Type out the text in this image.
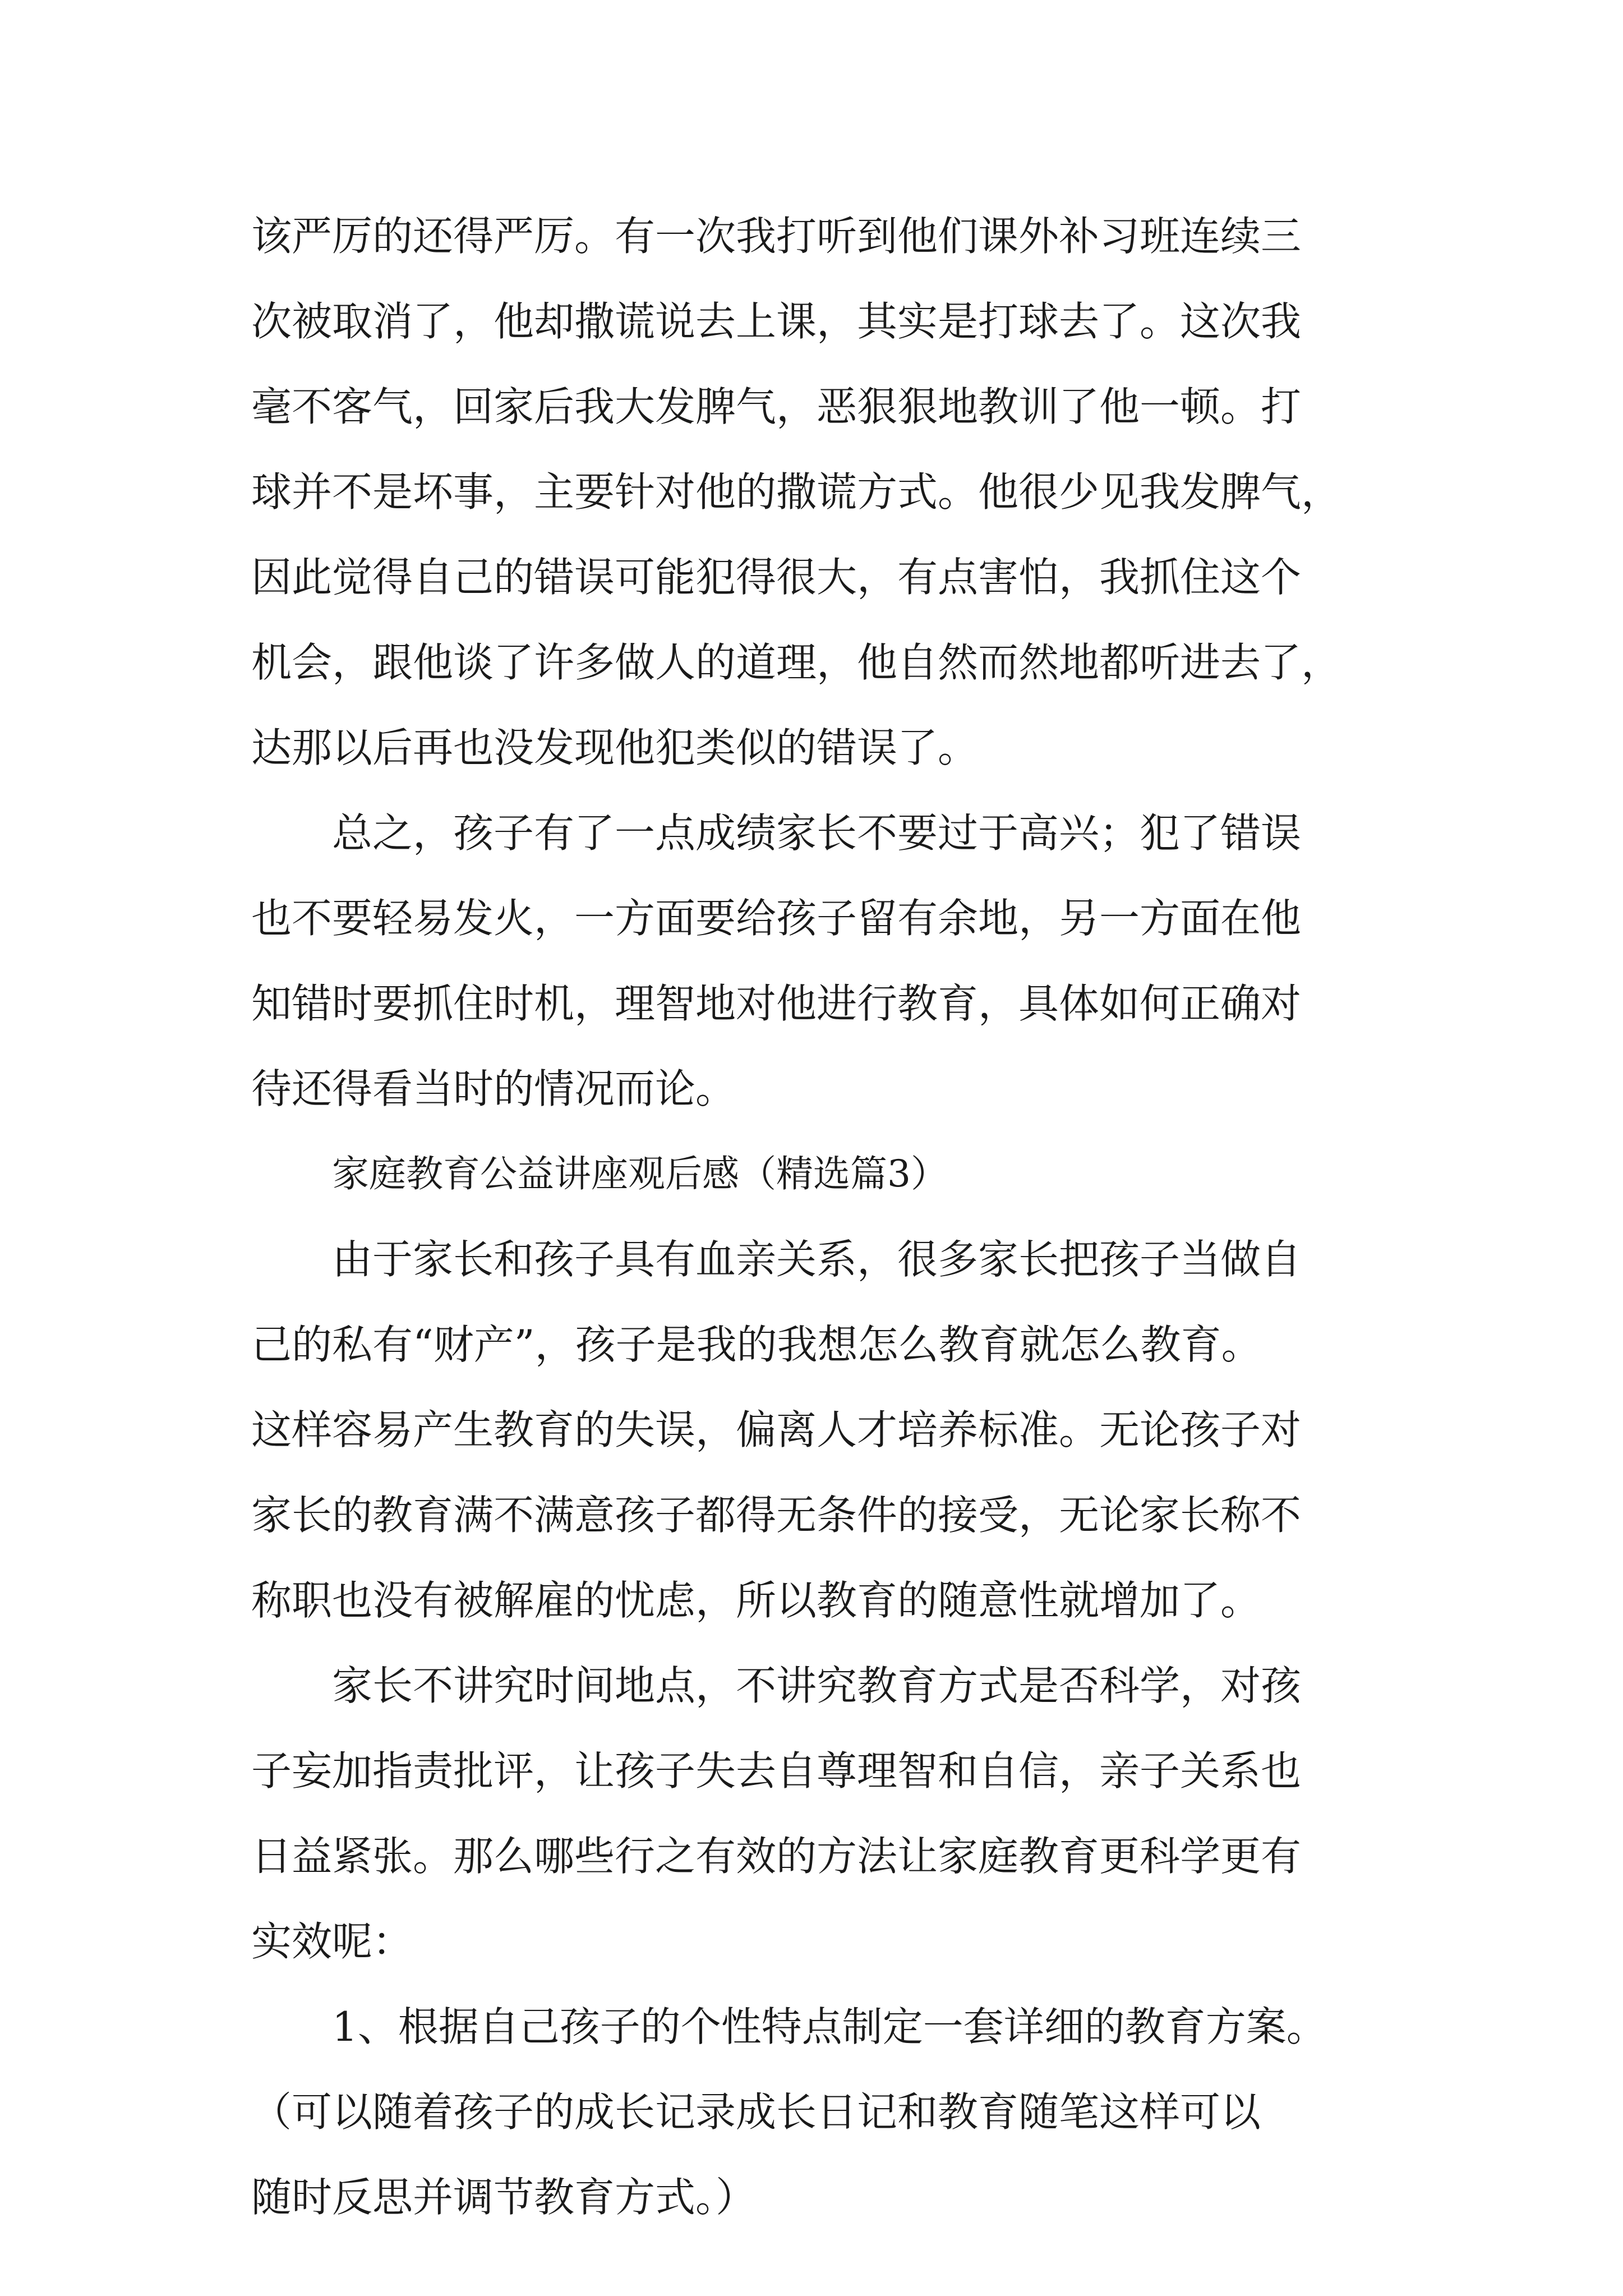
该严厉的还得严厉。有一次我打听到他们课外补习班连续三
次被取消了，他却撒谎说去上课，其实是打球去了。这次我
毫不客气，回家后我大发脾气，恶狠狠地教训了他一顿。打
球并不是坏事，主要针对他的撒谎方式。他很少见我发脾气，
因此觉得自己的错误可能犯得很大，有点害怕，我抓住这个
机会，跟他谈了许多做人的道理，他自然而然地都听进去了，
达那以后再也没发现他犯类似的错误了。
总之，孩子有了一点成绩家长不要过于高兴；犯了错误
也不要轻易发火，一方面要给孩子留有余地，另一方面在他
知错时要抓住时机，理智地对他进行教育，具体如何正确对
待还得看当时的情况而论。
家庭教育公益讲座观后感（精选篇3）
由于家长和孩子具有血亲关系，很多家长把孩子当做自
己的私有“财产”，孩子是我的我想怎么教育就怎么教育。
这样容易产生教育的失误，偏离人才培养标准。无论孩子对
家长的教育满不满意孩子都得无条件的接受，无论家长称不
称职也没有被解雇的忧虑，所以教育的随意性就增加了。
家长不讲究时间地点，不讲究教育方式是否科学，对孩
子妄加指责批评，让孩子失去自尊理智和自信，亲子关系也
日益紧张。那么哪些行之有效的方法让家庭教育更科学更有
实效呢：
1、根据自己孩子的个性特点制定一套详细的教育方案。
（可以随着孩子的成长记录成长日记和教育随笔这样可以
随时反思并调节教育方式。）
